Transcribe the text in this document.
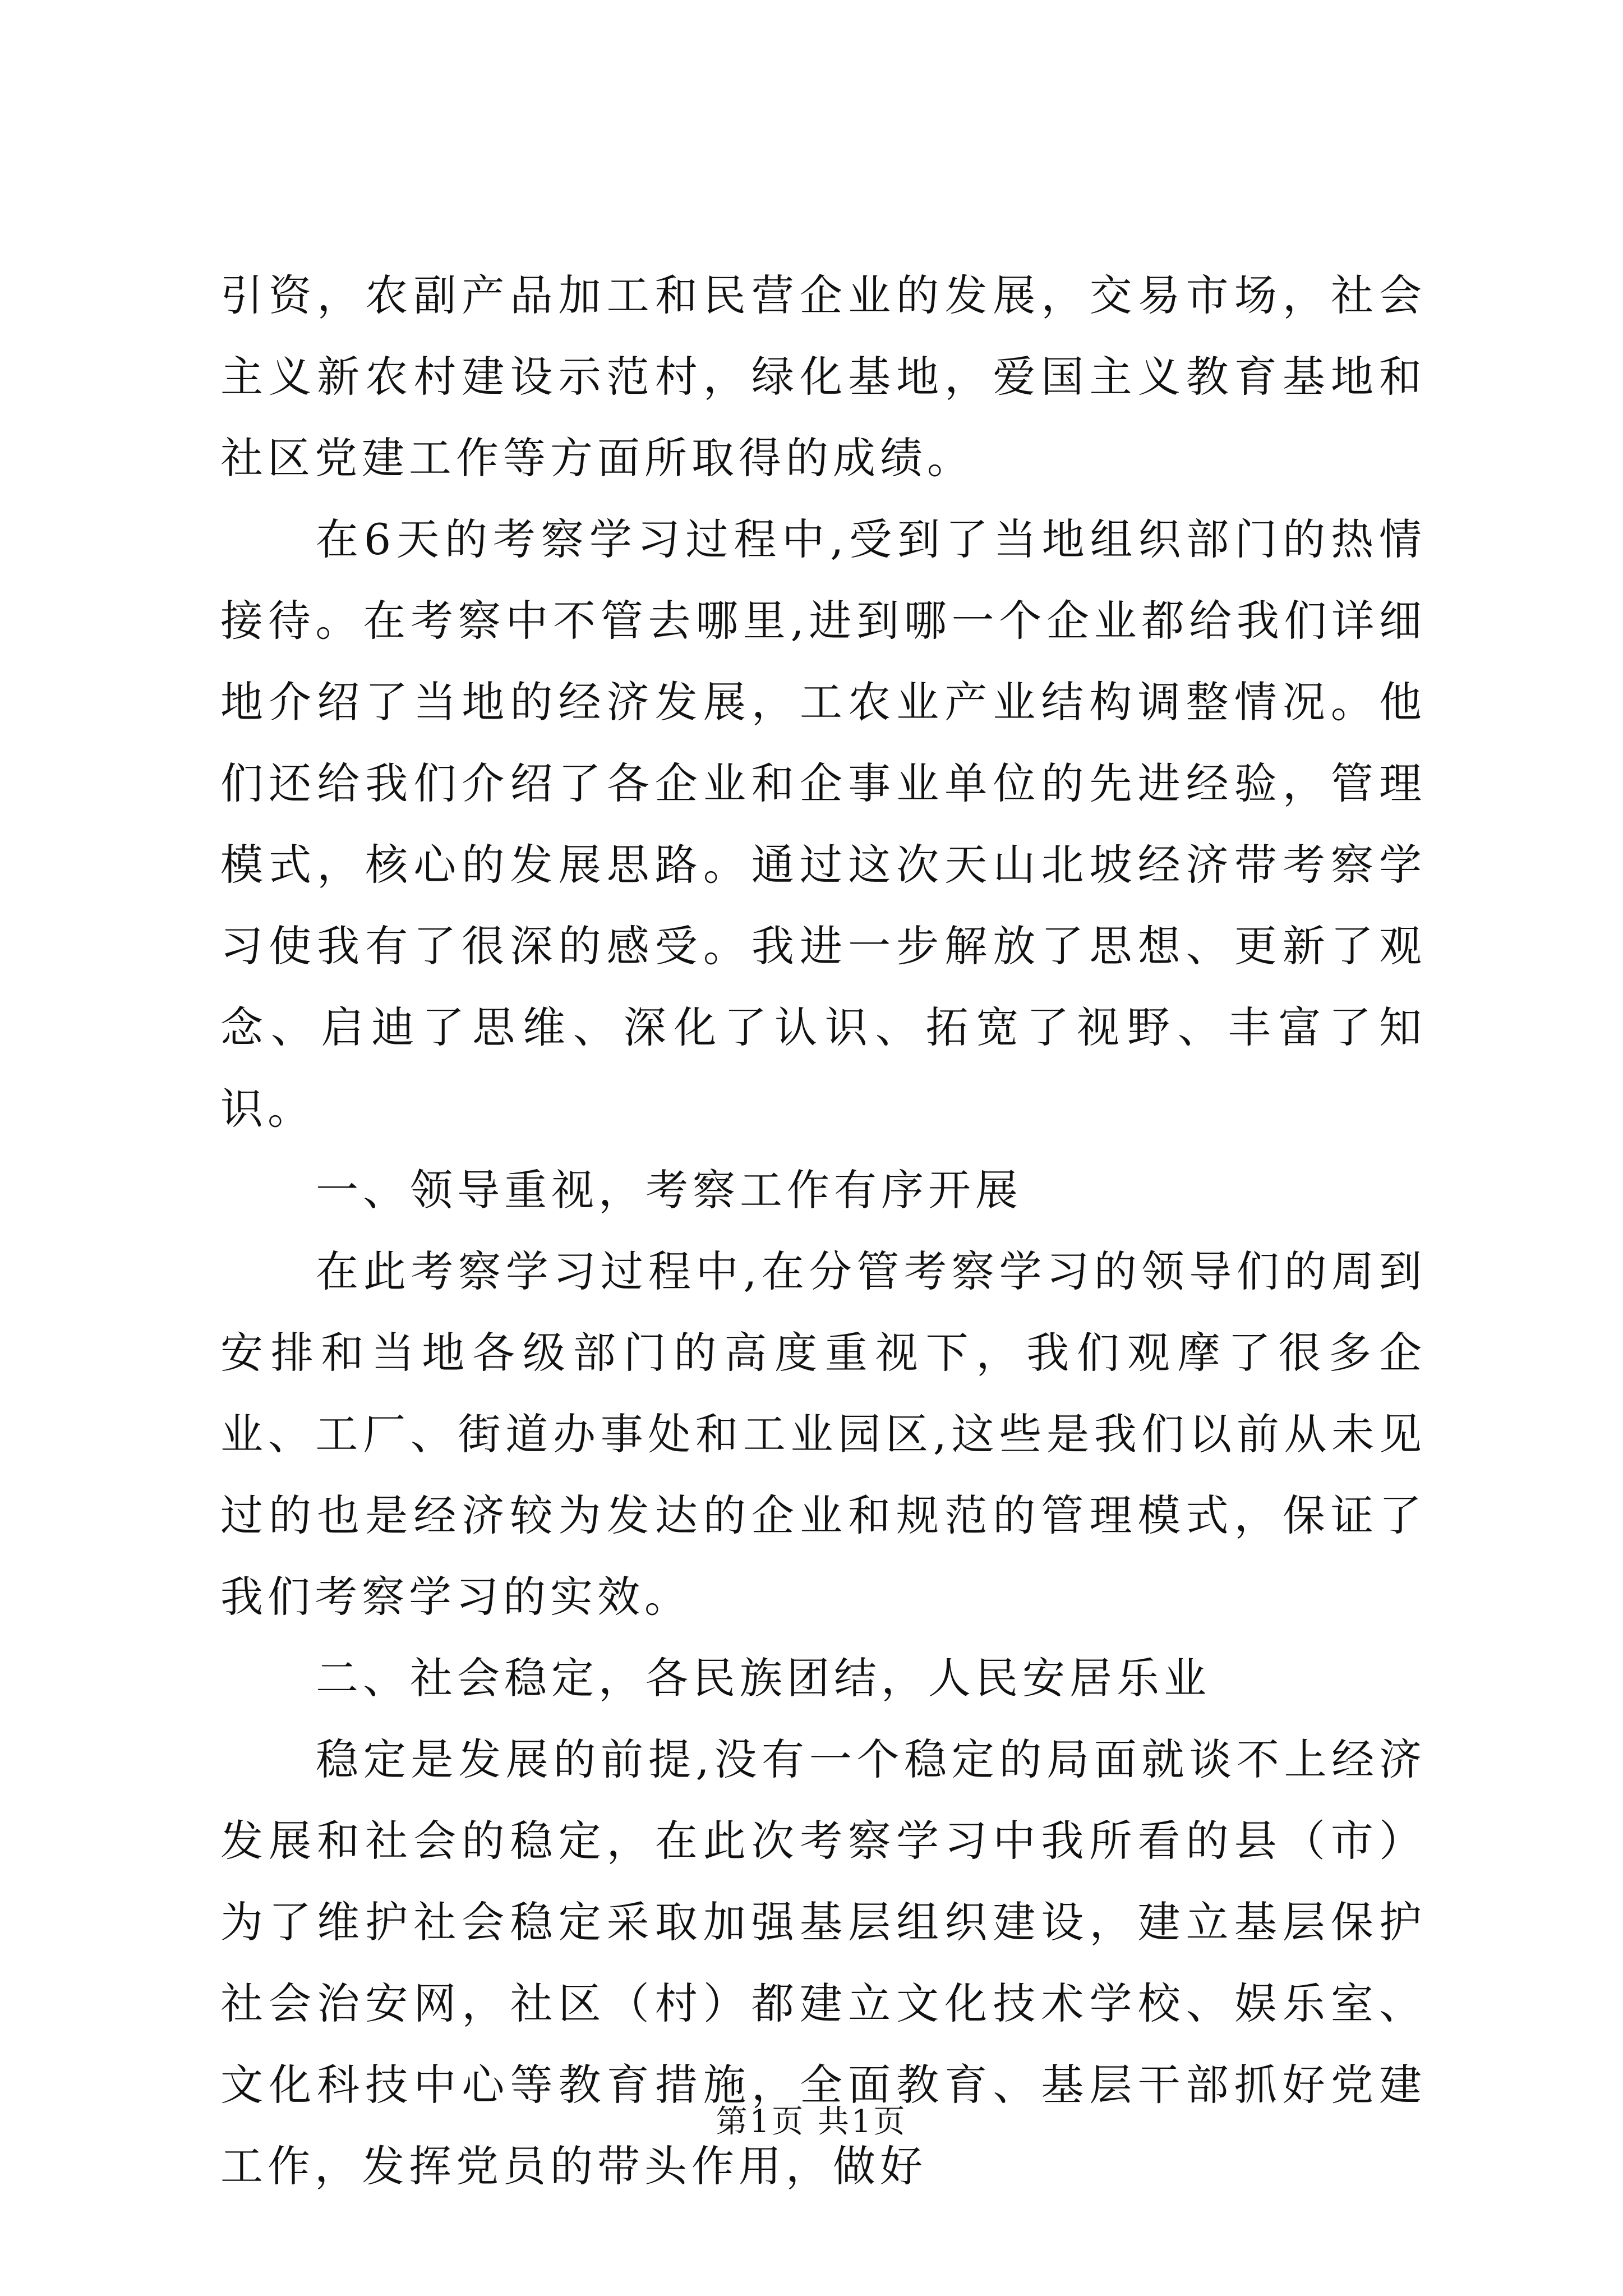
引资，农副产品加工和民营企业的发展，交易市场，社会主义新农村建设示范村，绿化基地，爱国主义教育基地和社区党建工作等方面所取得的成绩。

在6天的考察学习过程中,受到了当地组织部门的热情接待。在考察中不管去哪里,进到哪一个企业都给我们详细地介绍了当地的经济发展，工农业产业结构调整情况。他们还给我们介绍了各企业和企事业单位的先进经验，管理模式，核心的发展思路。通过这次天山北坡经济带考察学习使我有了很深的感受。我进一步解放了思想、更新了观念、启迪了思维、深化了认识、拓宽了视野、丰富了知识。

一、领导重视，考察工作有序开展

在此考察学习过程中,在分管考察学习的领导们的周到安排和当地各级部门的高度重视下，我们观摩了很多企业、工厂、街道办事处和工业园区,这些是我们以前从未见过的也是经济较为发达的企业和规范的管理模式，保证了我们考察学习的实效。

二、社会稳定，各民族团结，人民安居乐业

稳定是发展的前提,没有一个稳定的局面就谈不上经济发展和社会的稳定，在此次考察学习中我所看的县（市）为了维护社会稳定采取加强基层组织建设，建立基层保护社会治安网，社区（村）都建立文化技术学校、娱乐室、文化科技中心等教育措施，全面教育、基层干部抓好党建工作，发挥党员的带头作用，做好

第1页 共1页
